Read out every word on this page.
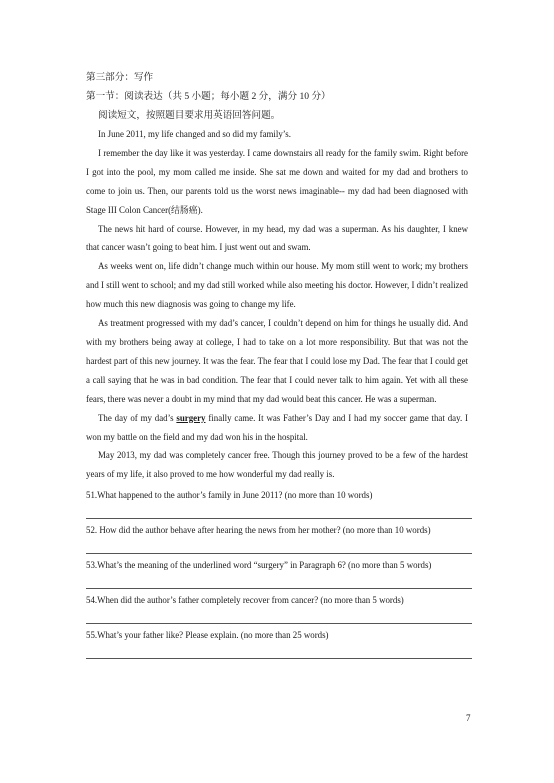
第三部分：写作

第一节：阅读表达（共 5 小题；每小题 2 分，满分 10 分）

阅读短文，按照题目要求用英语回答问题。

In June 2011, my life changed and so did my family’s.

I remember the day like it was yesterday. I came downstairs all ready for the family swim. Right before I got into the pool, my mom called me inside. She sat me down and waited for my dad and brothers to come to join us. Then, our parents told us the worst news imaginable-- my dad had been diagnosed with Stage III Colon Cancer(结肠癌).

The news hit hard of course. However, in my head, my dad was a superman. As his daughter, I knew that cancer wasn’t going to beat him. I just went out and swam.

As weeks went on, life didn’t change much within our house. My mom still went to work; my brothers and I still went to school; and my dad still worked while also meeting his doctor. However, I didn’t realized how much this new diagnosis was going to change my life.

As treatment progressed with my dad’s cancer, I couldn’t depend on him for things he usually did. And with my brothers being away at college, I had to take on a lot more responsibility. But that was not the hardest part of this new journey. It was the fear. The fear that I could lose my Dad. The fear that I could get a call saying that he was in bad condition. The fear that I could never talk to him again. Yet with all these fears, there was never a doubt in my mind that my dad would beat this cancer. He was a superman.

The day of my dad’s surgery finally came. It was Father’s Day and I had my soccer game that day. I won my battle on the field and my dad won his in the hospital.

May 2013, my dad was completely cancer free. Though this journey proved to be a few of the hardest years of my life, it also proved to me how wonderful my dad really is.

51.What happened to the author’s family in June 2011? (no more than 10 words)

52. How did the author behave after hearing the news from her mother? (no more than 10 words)

53.What’s the meaning of the underlined word “surgery” in Paragraph 6? (no more than 5 words)

54.When did the author’s father completely recover from cancer? (no more than 5 words)

55.What’s your father like? Please explain. (no more than 25 words)

7
